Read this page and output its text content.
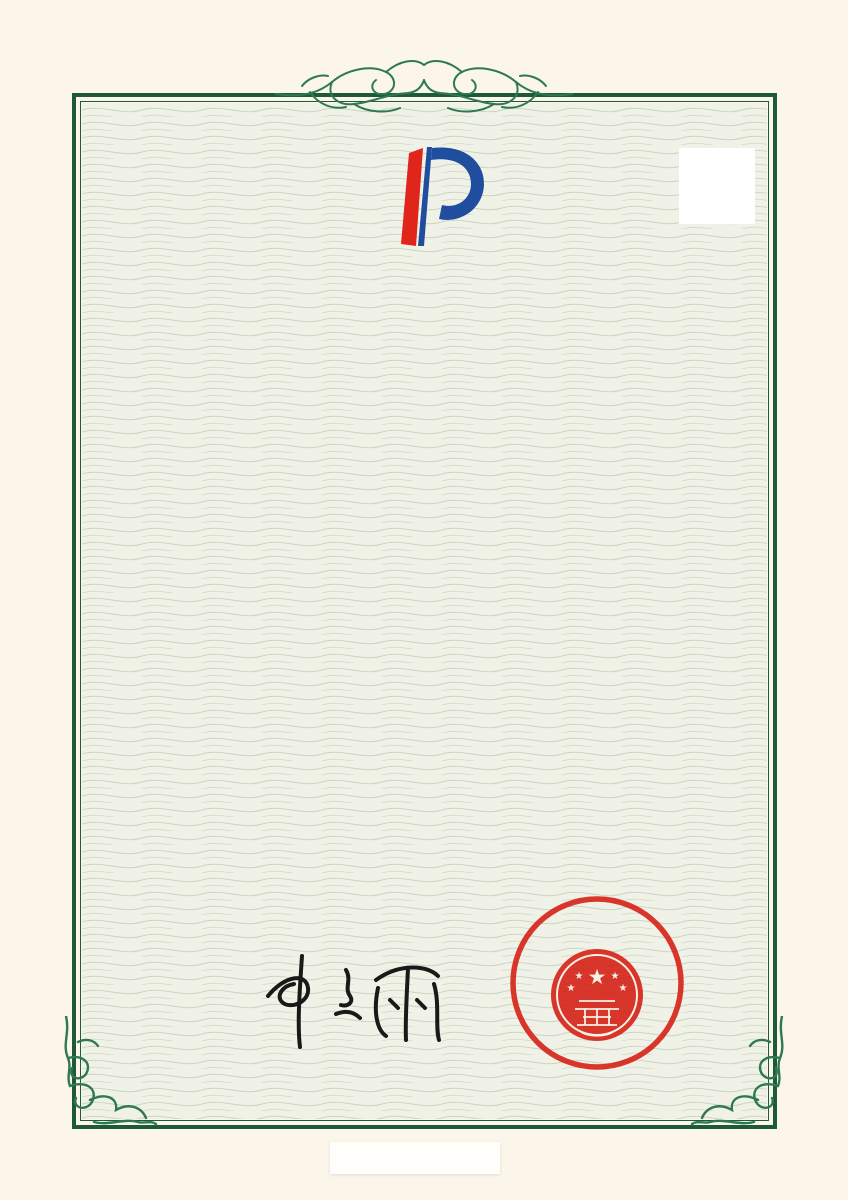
★
★	★
★	★
